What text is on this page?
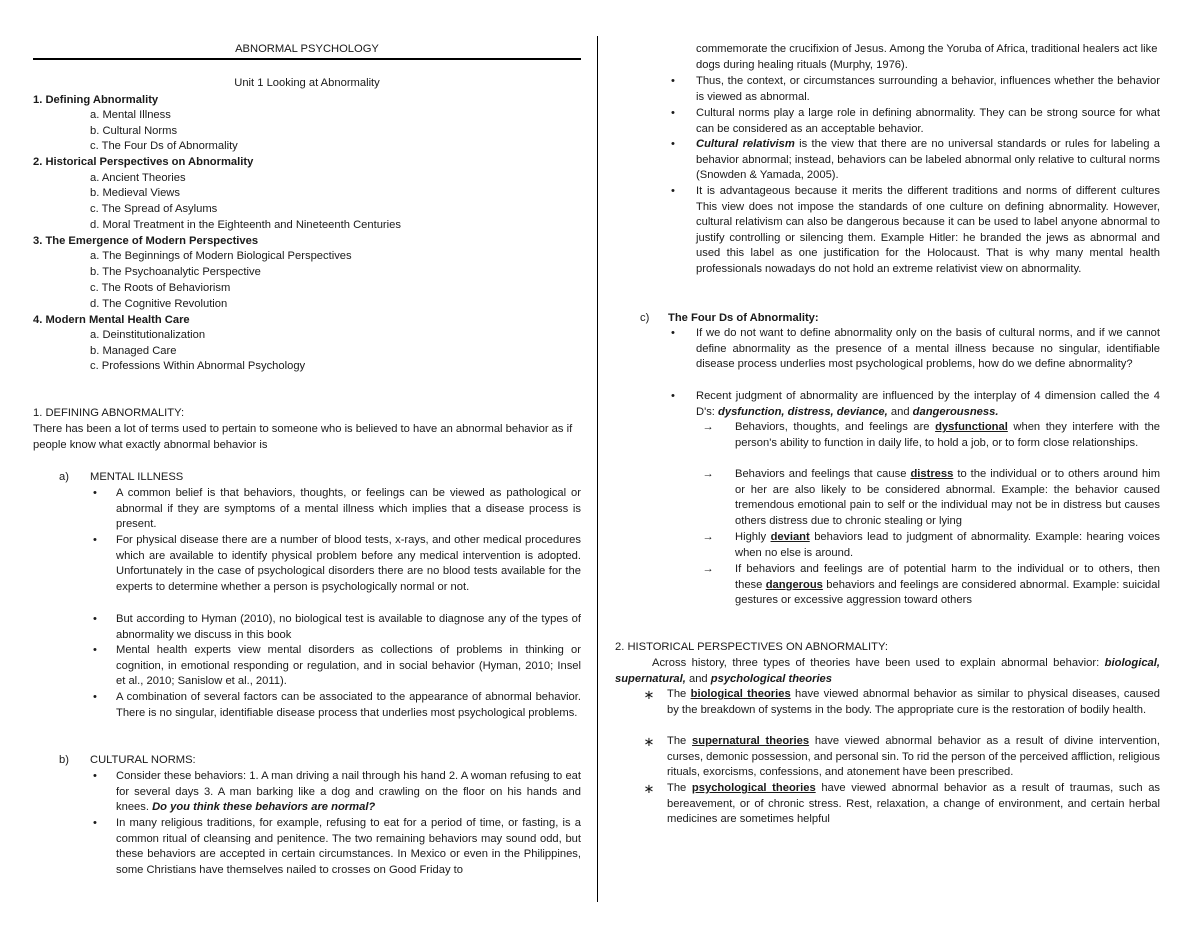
ABNORMAL PSYCHOLOGY
Unit 1 Looking at Abnormality
1. Defining Abnormality
a. Mental Illness
b. Cultural Norms
c. The Four Ds of Abnormality
2. Historical Perspectives on Abnormality
a. Ancient Theories
b. Medieval Views
c. The Spread of Asylums
d. Moral Treatment in the Eighteenth and Nineteenth Centuries
3. The Emergence of Modern Perspectives
a. The Beginnings of Modern Biological Perspectives
b. The Psychoanalytic Perspective
c. The Roots of Behaviorism
d. The Cognitive Revolution
4. Modern Mental Health Care
a. Deinstitutionalization
b. Managed Care
c. Professions Within Abnormal Psychology
1. DEFINING ABNORMALITY:
There has been a lot of terms used to pertain to someone who is believed to have an abnormal behavior as if people know what exactly abnormal behavior is
a) MENTAL ILLNESS
• A common belief is that behaviors, thoughts, or feelings can be viewed as pathological or abnormal if they are symptoms of a mental illness which implies that a disease process is present.
• For physical disease there are a number of blood tests, x-rays, and other medical procedures which are available to identify physical problem before any medical intervention is adopted. Unfortunately in the case of psychological disorders there are no blood tests available for the experts to determine whether a person is psychologically normal or not.
• But according to Hyman (2010), no biological test is available to diagnose any of the types of abnormality we discuss in this book
• Mental health experts view mental disorders as collections of problems in thinking or cognition, in emotional responding or regulation, and in social behavior (Hyman, 2010; Insel et al., 2010; Sanislow et al., 2011).
• A combination of several factors can be associated to the appearance of abnormal behavior. There is no singular, identifiable disease process that underlies most psychological problems.
b) CULTURAL NORMS:
• Consider these behaviors: 1. A man driving a nail through his hand 2. A woman refusing to eat for several days 3. A man barking like a dog and crawling on the floor on his hands and knees. Do you think these behaviors are normal?
• In many religious traditions, for example, refusing to eat for a period of time, or fasting, is a common ritual of cleansing and penitence. The two remaining behaviors may sound odd, but these behaviors are accepted in certain circumstances. In Mexico or even in the Philippines, some Christians have themselves nailed to crosses on Good Friday to
commemorate the crucifixion of Jesus. Among the Yoruba of Africa, traditional healers act like dogs during healing rituals (Murphy, 1976).
• Thus, the context, or circumstances surrounding a behavior, influences whether the behavior is viewed as abnormal.
• Cultural norms play a large role in defining abnormality. They can be strong source for what can be considered as an acceptable behavior.
• Cultural relativism is the view that there are no universal standards or rules for labeling a behavior abnormal; instead, behaviors can be labeled abnormal only relative to cultural norms (Snowden & Yamada, 2005).
• It is advantageous because it merits the different traditions and norms of different cultures This view does not impose the standards of one culture on defining abnormality. However, cultural relativism can also be dangerous because it can be used to label anyone abnormal to justify controlling or silencing them. Example Hitler: he branded the jews as abnormal and used this label as one justification for the Holocaust. That is why many mental health professionals nowadays do not hold an extreme relativist view on abnormality.
c) The Four Ds of Abnormality:
• If we do not want to define abnormality only on the basis of cultural norms, and if we cannot define abnormality as the presence of a mental illness because no singular, identifiable disease process underlies most psychological problems, how do we define abnormality?
• Recent judgment of abnormality are influenced by the interplay of 4 dimension called the 4 D's: dysfunction, distress, deviance, and dangerousness.
→ Behaviors, thoughts, and feelings are dysfunctional when they interfere with the person's ability to function in daily life, to hold a job, or to form close relationships.
→ Behaviors and feelings that cause distress to the individual or to others around him or her are also likely to be considered abnormal. Example: the behavior caused tremendous emotional pain to self or the individual may not be in distress but causes others distress due to chronic stealing or lying
→ Highly deviant behaviors lead to judgment of abnormality. Example: hearing voices when no else is around.
→ If behaviors and feelings are of potential harm to the individual or to others, then these dangerous behaviors and feelings are considered abnormal. Example: suicidal gestures or excessive aggression toward others
2. HISTORICAL PERSPECTIVES ON ABNORMALITY:
Across history, three types of theories have been used to explain abnormal behavior: biological, supernatural, and psychological theories
∗ The biological theories have viewed abnormal behavior as similar to physical diseases, caused by the breakdown of systems in the body. The appropriate cure is the restoration of bodily health.
∗ The supernatural theories have viewed abnormal behavior as a result of divine intervention, curses, demonic possession, and personal sin. To rid the person of the perceived affliction, religious rituals, exorcisms, confessions, and atonement have been prescribed.
∗ The psychological theories have viewed abnormal behavior as a result of traumas, such as bereavement, or of chronic stress. Rest, relaxation, a change of environment, and certain herbal medicines are sometimes helpful
